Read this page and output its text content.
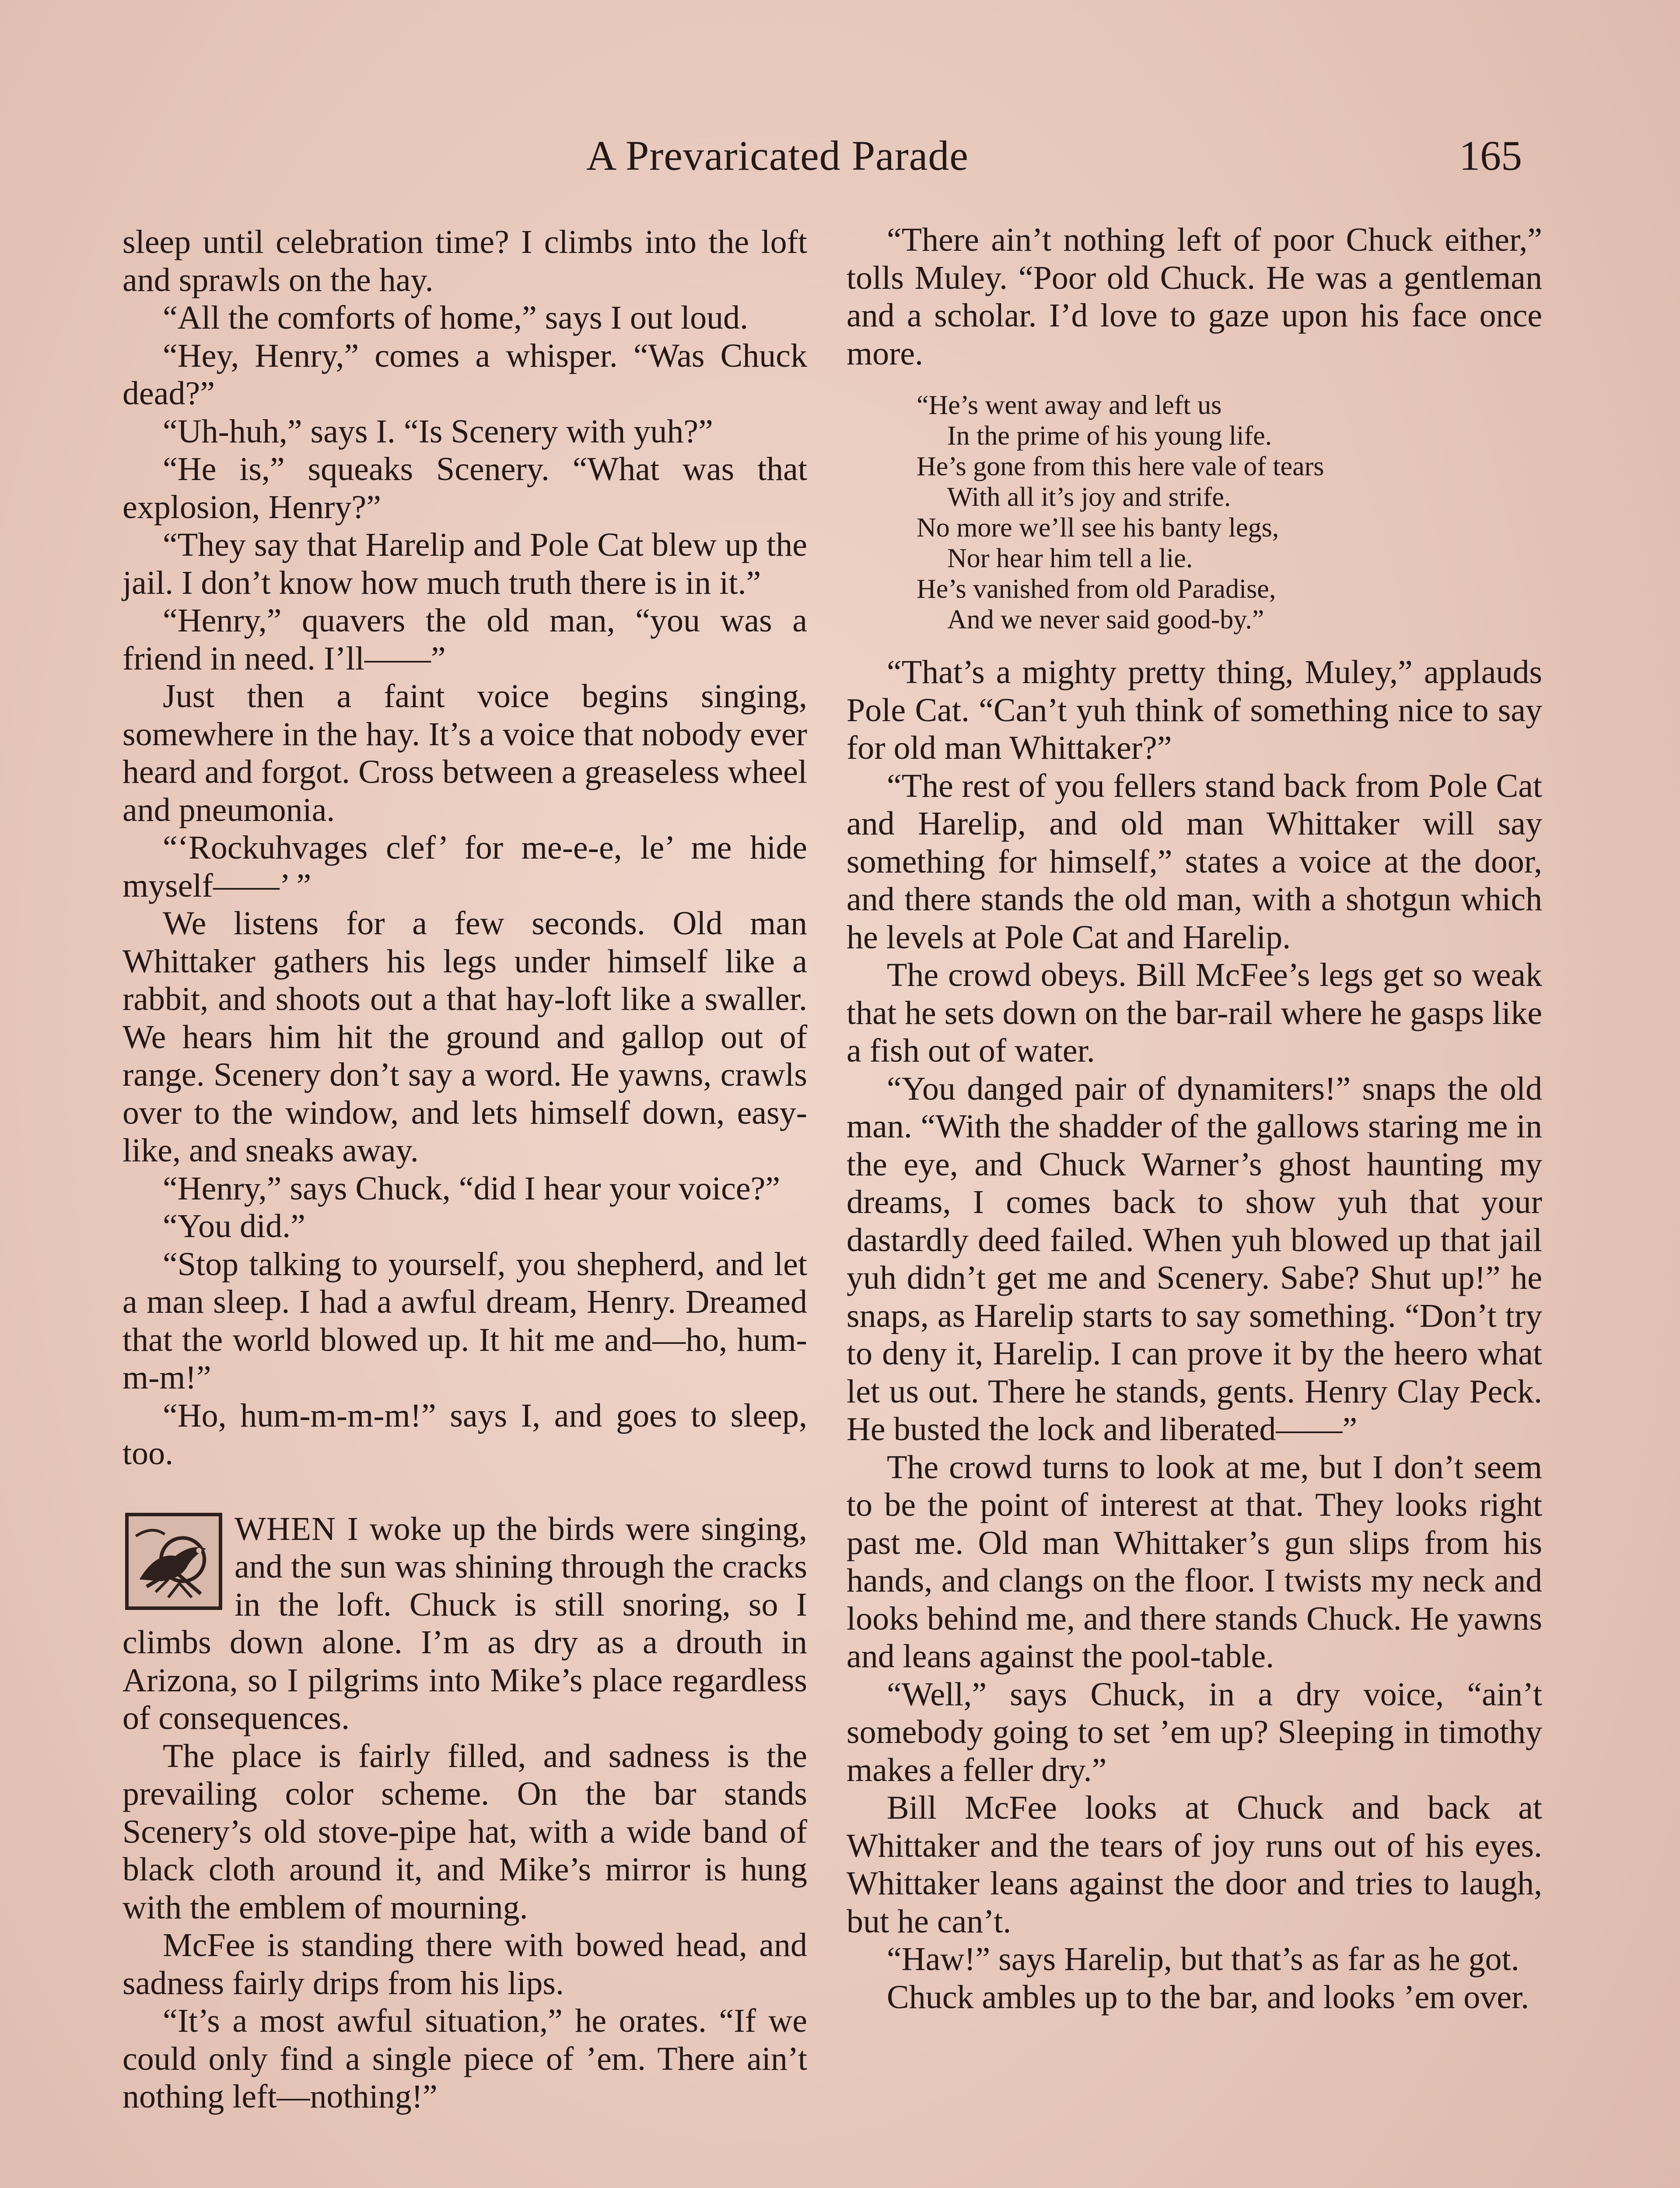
A Prevaricated Parade	165

sleep until celebration time? I climbs into the loft and sprawls on the hay.

“All the comforts of home,” says I out loud.

“Hey, Henry,” comes a whisper. “Was Chuck dead?”

“Uh-huh,” says I. “Is Scenery with yuh?”

“He is,” squeaks Scenery. “What was that explosion, Henry?”

“They say that Harelip and Pole Cat blew up the jail. I don’t know how much truth there is in it.”

“Henry,” quavers the old man, “you was a friend in need. I’ll——”

Just then a faint voice begins singing, somewhere in the hay. It’s a voice that nobody ever heard and forgot. Cross between a greaseless wheel and pneumonia.

“‘Rockuhvages clef’ for me-e-e, le’ me hide myself——’ ”

We listens for a few seconds. Old man Whittaker gathers his legs under himself like a rabbit, and shoots out a that hay-loft like a swaller. We hears him hit the ground and gallop out of range. Scenery don’t say a word. He yawns, crawls over to the window, and lets himself down, easy-like, and sneaks away.

“Henry,” says Chuck, “did I hear your voice?”

“You did.”

“Stop talking to yourself, you shepherd, and let a man sleep. I had a awful dream, Henry. Dreamed that the world blowed up. It hit me and—ho, hum-m-m!”

“Ho, hum-m-m-m!” says I, and goes to sleep, too.

WHEN I woke up the birds were singing, and the sun was shining through the cracks in the loft. Chuck is still snoring, so I climbs down alone. I’m as dry as a drouth in Arizona, so I pilgrims into Mike’s place regardless of consequences.

The place is fairly filled, and sadness is the prevailing color scheme. On the bar stands Scenery’s old stove-pipe hat, with a wide band of black cloth around it, and Mike’s mirror is hung with the emblem of mourning.

McFee is standing there with bowed head, and sadness fairly drips from his lips.

“It’s a most awful situation,” he orates. “If we could only find a single piece of ’em. There ain’t nothing left—nothing!”

“There ain’t nothing left of poor Chuck either,” tolls Muley. “Poor old Chuck. He was a gentleman and a scholar. I’d love to gaze upon his face once more.

“He’s went away and left us
In the prime of his young life.
He’s gone from this here vale of tears
With all it’s joy and strife.
No more we’ll see his banty legs,
Nor hear him tell a lie.
He’s vanished from old Paradise,
And we never said good-by.”

“That’s a mighty pretty thing, Muley,” applauds Pole Cat. “Can’t yuh think of something nice to say for old man Whittaker?”

“The rest of you fellers stand back from Pole Cat and Harelip, and old man Whittaker will say something for himself,” states a voice at the door, and there stands the old man, with a shotgun which he levels at Pole Cat and Harelip.

The crowd obeys. Bill McFee’s legs get so weak that he sets down on the bar-rail where he gasps like a fish out of water.

“You danged pair of dynamiters!” snaps the old man. “With the shadder of the gallows staring me in the eye, and Chuck Warner’s ghost haunting my dreams, I comes back to show yuh that your dastardly deed failed. When yuh blowed up that jail yuh didn’t get me and Scenery. Sabe? Shut up!” he snaps, as Harelip starts to say something. “Don’t try to deny it, Harelip. I can prove it by the heero what let us out. There he stands, gents. Henry Clay Peck. He busted the lock and liberated——”

The crowd turns to look at me, but I don’t seem to be the point of interest at that. They looks right past me. Old man Whittaker’s gun slips from his hands, and clangs on the floor. I twists my neck and looks behind me, and there stands Chuck. He yawns and leans against the pool-table.

“Well,” says Chuck, in a dry voice, “ain’t somebody going to set ’em up? Sleeping in timothy makes a feller dry.”

Bill McFee looks at Chuck and back at Whittaker and the tears of joy runs out of his eyes. Whittaker leans against the door and tries to laugh, but he can’t.

“Haw!” says Harelip, but that’s as far as he got.

Chuck ambles up to the bar, and looks ’em over.
